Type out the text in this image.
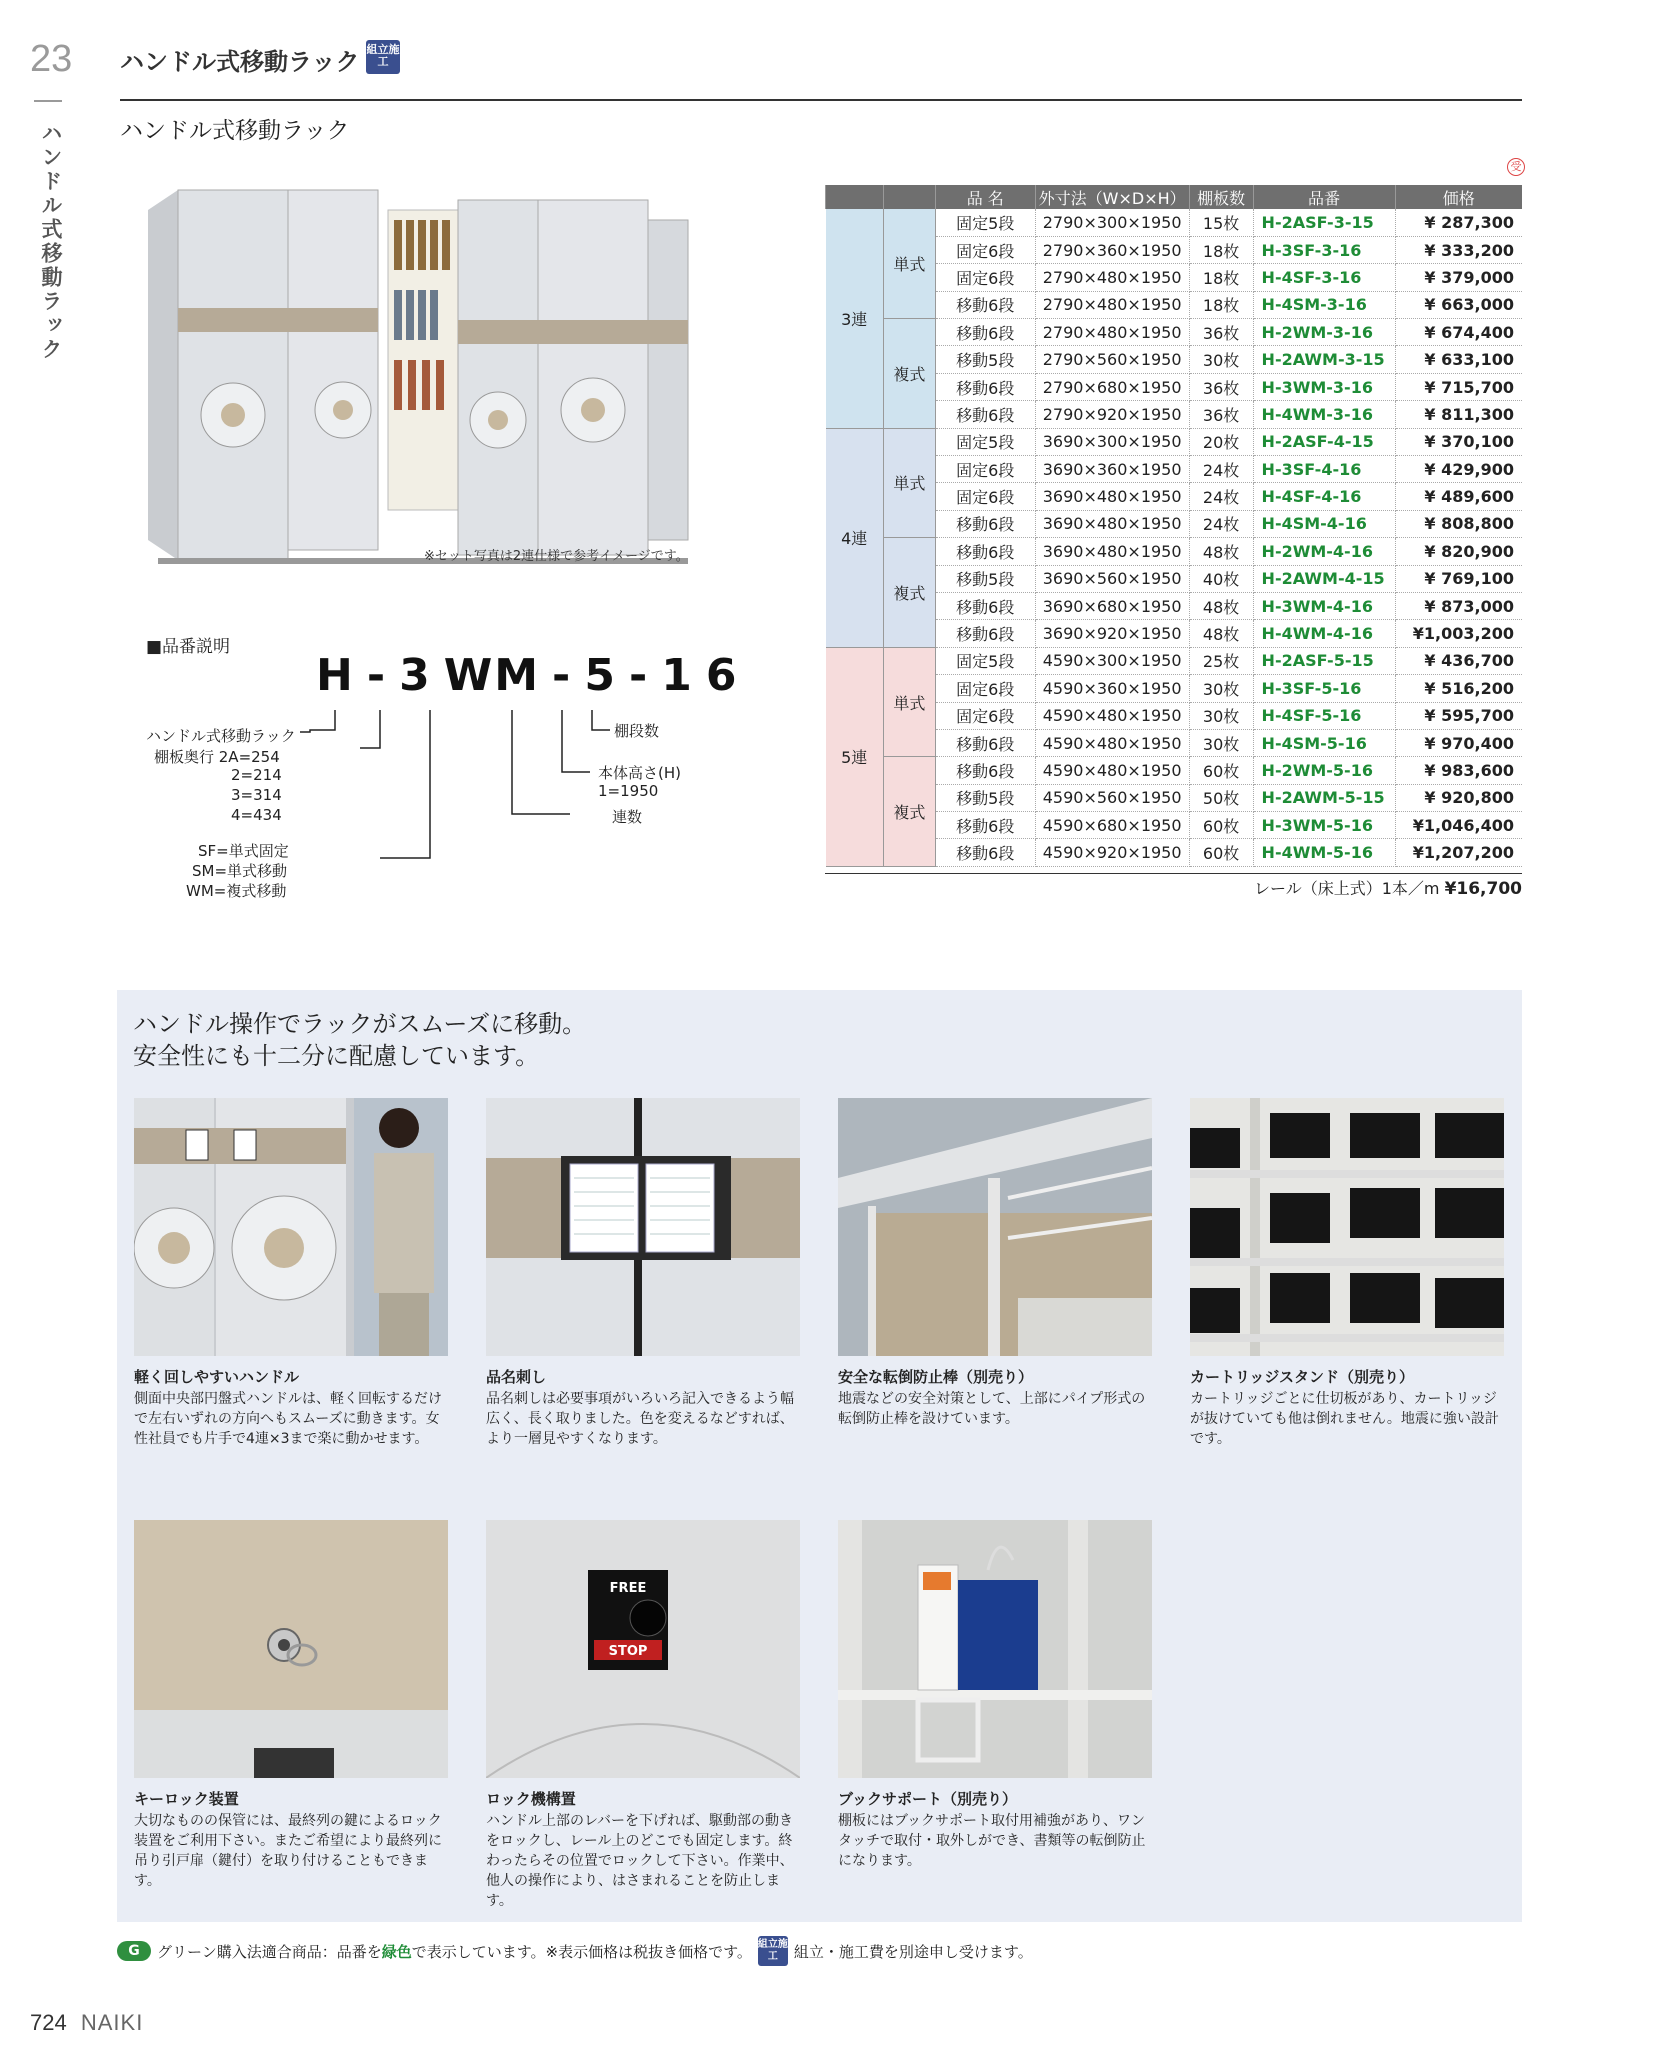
23
ハンドル式移動ラック
ハンドル式移動ラック 組立施工
ハンドル式移動ラック
※セット写真は2連仕様で参考イメージです。
■品番説明
H - 3 WM - 5 - 1 6
ハンドル式移動ラック
棚板奥行 2A=254
2=214
3=314
4=434
SF=単式固定
SM=単式移動
WM=複式移動
棚段数
本体高さ(H)
1=1950
連数
受
		品 名	外寸法（W×D×H）	棚板数	品番	価格
3連	単式	固定5段	2790×300×1950	15枚	H-2ASF-3-15	¥ 287,300
		固定6段	2790×360×1950	18枚	H-3SF-3-16	¥ 333,200
		固定6段	2790×480×1950	18枚	H-4SF-3-16	¥ 379,000
		移動6段	2790×480×1950	18枚	H-4SM-3-16	¥ 663,000
	複式	移動6段	2790×480×1950	36枚	H-2WM-3-16	¥ 674,400
		移動5段	2790×560×1950	30枚	H-2AWM-3-15	¥ 633,100
		移動6段	2790×680×1950	36枚	H-3WM-3-16	¥ 715,700
		移動6段	2790×920×1950	36枚	H-4WM-3-16	¥ 811,300
4連	単式	固定5段	3690×300×1950	20枚	H-2ASF-4-15	¥ 370,100
		固定6段	3690×360×1950	24枚	H-3SF-4-16	¥ 429,900
		固定6段	3690×480×1950	24枚	H-4SF-4-16	¥ 489,600
		移動6段	3690×480×1950	24枚	H-4SM-4-16	¥ 808,800
	複式	移動6段	3690×480×1950	48枚	H-2WM-4-16	¥ 820,900
		移動5段	3690×560×1950	40枚	H-2AWM-4-15	¥ 769,100
		移動6段	3690×680×1950	48枚	H-3WM-4-16	¥ 873,000
		移動6段	3690×920×1950	48枚	H-4WM-4-16	¥1,003,200
5連	単式	固定5段	4590×300×1950	25枚	H-2ASF-5-15	¥ 436,700
		固定6段	4590×360×1950	30枚	H-3SF-5-16	¥ 516,200
		固定6段	4590×480×1950	30枚	H-4SF-5-16	¥ 595,700
		移動6段	4590×480×1950	30枚	H-4SM-5-16	¥ 970,400
	複式	移動6段	4590×480×1950	60枚	H-2WM-5-16	¥ 983,600
		移動5段	4590×560×1950	50枚	H-2AWM-5-15	¥ 920,800
		移動6段	4590×680×1950	60枚	H-3WM-5-16	¥1,046,400
		移動6段	4590×920×1950	60枚	H-4WM-5-16	¥1,207,200
レール（床上式）1本／m ¥16,700
ハンドル操作でラックがスムーズに移動。
安全性にも十二分に配慮しています。
軽く回しやすいハンドル
側面中央部円盤式ハンドルは、軽く回転するだけで左右いずれの方向へもスムーズに動きます。女性社員でも片手で4連×3まで楽に動かせます。
品名刺し
品名刺しは必要事項がいろいろ記入できるよう幅広く、長く取りました。色を変えるなどすれば、より一層見やすくなります。
安全な転倒防止棒（別売り）
地震などの安全対策として、上部にパイプ形式の転倒防止棒を設けています。
カートリッジスタンド（別売り）
カートリッジごとに仕切板があり、カートリッジが抜けていても他は倒れません。地震に強い設計です。
キーロック装置
大切なものの保管には、最終列の鍵によるロック装置をご利用下さい。またご希望により最終列に吊り引戸扉（鍵付）を取り付けることもできます。
FREE
STOP
ロック機構置
ハンドル上部のレバーを下げれば、駆動部の動きをロックし、レール上のどこでも固定します。終わったらその位置でロックして下さい。作業中、他人の操作により、はさまれることを防止します。
ブックサポート（別売り）
棚板にはブックサポート取付用補強があり、ワンタッチで取付・取外しができ、書類等の転倒防止になります。
G	グリーン購入法適合商品：品番を 緑色 で表示しています。※表示価格は税抜き価格です。 組立施工	組立・施工費を別途申し受けます。
724 NAIKI
